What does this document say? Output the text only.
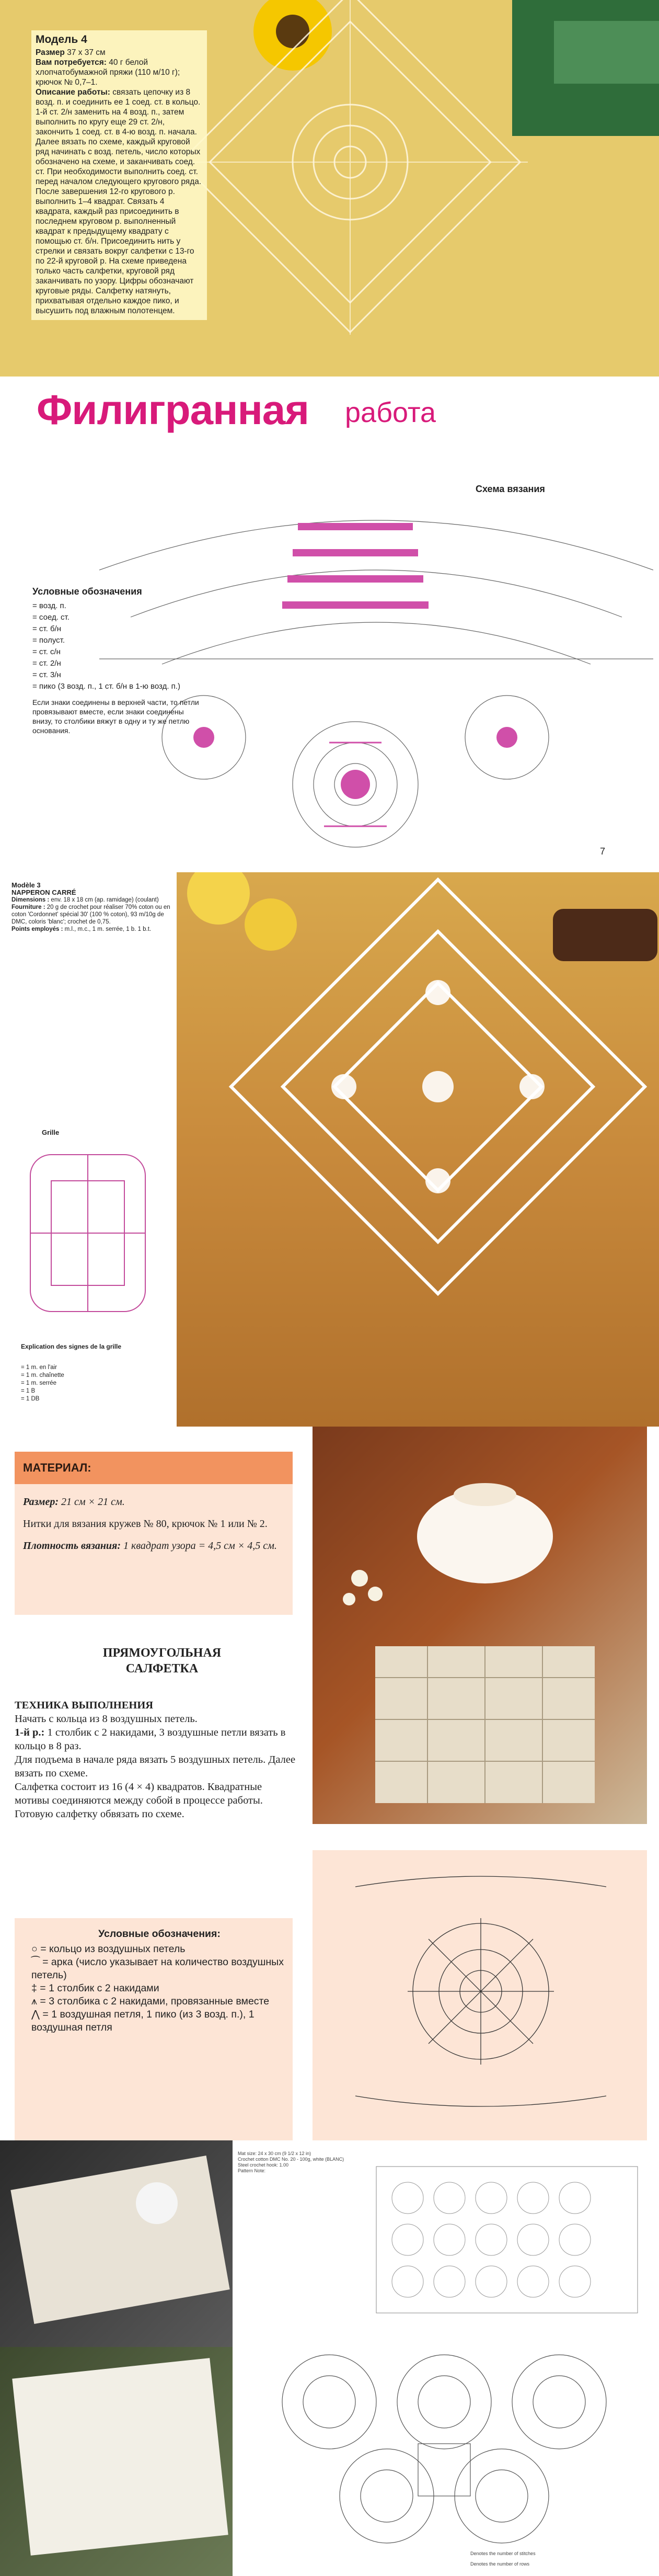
Модель 4

Размер 37 х 37 см

Вам потребуется: 40 г белой хлопчатобумажной пряжи (110 м/10 г); крючок № 0,7–1.

Описание работы: связать цепочку из 8 возд. п. и соединить ее 1 соед. ст. в кольцо. 1-й ст. 2/н заменить на 4 возд. п., затем выполнить по кругу еще 29 ст. 2/н, закончить 1 соед. ст. в 4-ю возд. п. начала. Далее вязать по схеме, каждый круговой ряд начинать с возд. петель, число которых обозначено на схеме, и заканчивать соед. ст. При необходимости выполнить соед. ст. перед началом следующего кругового ряда. После завершения 12-го кругового р. выполнить 1–4 квадрат. Связать 4 квадрата, каждый раз присоединить в последнем круговом р. выполненный квадрат к предыдущему квадрату с помощью ст. б/н. Присоединить нить у стрелки и связать вокруг салфетки с 13-го по 22-й круговой р. На схеме приведена только часть салфетки, круговой ряд заканчивать по узору. Цифры обозначают круговые ряды. Салфетку натянуть, прихватывая отдельно каждое пико, и высушить под влажным полотенцем.

Филигранная работа
Схема вязания
Условные обозначения
= возд. п.
= соед. ст.
= ст. б/н
= полуст.
= ст. с/н
= ст. 2/н
= ст. 3/н
= пико (3 возд. п., 1 ст. б/н в 1-ю возд. п.)
Если знаки соединены в верхней части, то петли провязывают вместе, если знаки соединены внизу, то столбики вяжут в одну и ту же петлю основания.
7

Modèle 3

NAPPERON CARRÉ

Dimensions : env. 18 x 18 cm (ap. ramidage) (coulant)

Fourniture : 20 g de crochet pour réaliser 70% coton ou en coton 'Cordonnet' spécial 30' (100 % coton), 93 m/10g de DMC, coloris 'blanc'; crochet de 0,75.

Points employés : m.l., m.c., 1 m. serrée, 1 b. 1 b.t.

Grille
Explication des signes de la grille
= 1 m. en l'air
= 1 m. chaînette
= 1 m. serrée
= 1 B
= 1 DB
МАТЕРИАЛ:

Размер: 21 см × 21 см.

Нитки для вязания кружев № 80, крючок № 1 или № 2.

Плотность вязания: 1 квадрат узора = 4,5 см × 4,5 см.

ПРЯМОУГОЛЬНАЯ САЛФЕТКА

ТЕХНИКА ВЫПОЛНЕНИЯ

Начать с кольца из 8 воздушных петель.

1-й р.: 1 столбик с 2 накидами, 3 воздушные петли вязать в кольцо в 8 раз.

Для подъема в начале ряда вязать 5 воздушных петель. Далее вязать по схеме.

Салфетка состоит из 16 (4 × 4) квадратов. Квадратные мотивы соединяются между собой в процессе работы. Готовую салфетку обвязать по схеме.

Условные обозначения:

○ = кольцо из воздушных петель

⁀ = арка (число указывает на количество воздушных петель)

‡ = 1 столбик с 2 накидами

⩚ = 3 столбика с 2 накидами, провязанные вместе

⋀ = 1 воздушная петля, 1 пико (из 3 возд. п.), 1 воздушная петля

Mat size: 24 x 30 cm (9 1/2 x 12 in)

Crochet cotton DMC No. 20 - 100g, white (BLANC)

Steel crochet hook: 1.00

Pattern Note:

Denotes the number of stitches
Denotes the number of rows
